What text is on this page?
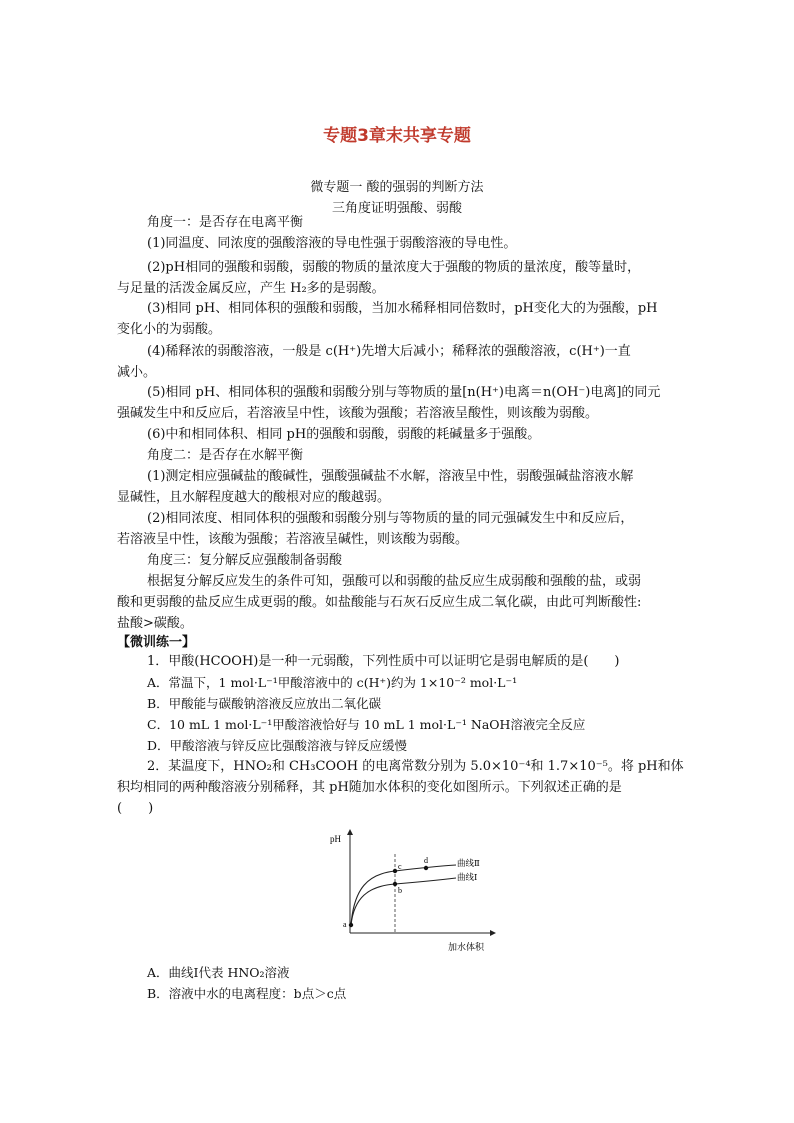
专题3章末共享专题
微专题一 酸的强弱的判断方法
三角度证明强酸、弱酸
角度一：是否存在电离平衡
(1)同温度、同浓度的强酸溶液的导电性强于弱酸溶液的导电性。
(2)pH相同的强酸和弱酸，弱酸的物质的量浓度大于强酸的物质的量浓度，酸等量时，
与足量的活泼金属反应，产生 H₂多的是弱酸。
(3)相同 pH、相同体积的强酸和弱酸，当加水稀释相同倍数时，pH变化大的为强酸，pH
变化小的为弱酸。
(4)稀释浓的弱酸溶液，一般是 c(H⁺)先增大后减小；稀释浓的强酸溶液，c(H⁺)一直
减小。
(5)相同 pH、相同体积的强酸和弱酸分别与等物质的量[n(H⁺)电离＝n(OH⁻)电离]的同元
强碱发生中和反应后，若溶液呈中性，该酸为强酸；若溶液呈酸性，则该酸为弱酸。
(6)中和相同体积、相同 pH的强酸和弱酸，弱酸的耗碱量多于强酸。
角度二：是否存在水解平衡
(1)测定相应强碱盐的酸碱性，强酸强碱盐不水解，溶液呈中性，弱酸强碱盐溶液水解
显碱性，且水解程度越大的酸根对应的酸越弱。
(2)相同浓度、相同体积的强酸和弱酸分别与等物质的量的同元强碱发生中和反应后，
若溶液呈中性，该酸为强酸；若溶液呈碱性，则该酸为弱酸。
角度三：复分解反应强酸制备弱酸
根据复分解反应发生的条件可知，强酸可以和弱酸的盐反应生成弱酸和强酸的盐，或弱
酸和更弱酸的盐反应生成更弱的酸。如盐酸能与石灰石反应生成二氧化碳，由此可判断酸性:
盐酸>碳酸。
【微训练一】
1．甲酸(HCOOH)是一种一元弱酸，下列性质中可以证明它是弱电解质的是(　　)
A．常温下，1 mol·L⁻¹甲酸溶液中的 c(H⁺)约为 1×10⁻² mol·L⁻¹
B．甲酸能与碳酸钠溶液反应放出二氧化碳
C．10 mL 1 mol·L⁻¹甲酸溶液恰好与 10 mL 1 mol·L⁻¹ NaOH溶液完全反应
D．甲酸溶液与锌反应比强酸溶液与锌反应缓慢
2．某温度下，HNO₂和 CH₃COOH 的电离常数分别为 5.0×10⁻⁴和 1.7×10⁻⁵。将 pH和体
积均相同的两种酸溶液分别稀释，其 pH随加水体积的变化如图所示。下列叙述正确的是
(　　)
pH
加水体积
a
b
c
d	曲线Ⅱ
曲线Ⅰ
A．曲线Ⅰ代表 HNO₂溶液
B．溶液中水的电离程度：b点＞c点
